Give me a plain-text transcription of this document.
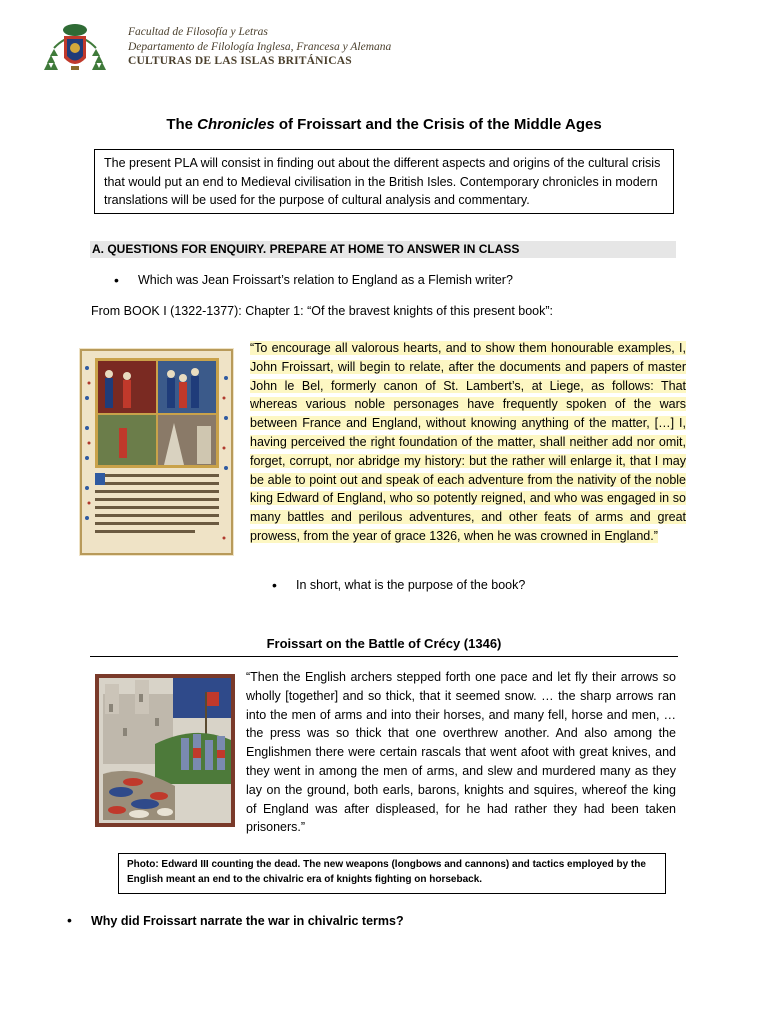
Facultad de Filosofía y Letras
Departamento de Filología Inglesa, Francesa y Alemana
CULTURAS DE LAS ISLAS BRITÁNICAS
The Chronicles of Froissart and the Crisis of the Middle Ages
The present PLA will consist in finding out about the different aspects and origins of the cultural crisis that would put an end to Medieval civilisation in the British Isles. Contemporary chronicles in modern translations will be used for the purpose of cultural analysis and commentary.
A. QUESTIONS FOR ENQUIRY. PREPARE AT HOME TO ANSWER IN CLASS
• Which was Jean Froissart’s relation to England as a Flemish writer?
From BOOK I (1322-1377): Chapter 1: “Of the bravest knights of this present book”:
“To encourage all valorous hearts, and to show them honourable examples, I, John Froissart, will begin to relate, after the documents and papers of master John le Bel, formerly canon of St. Lambert’s, at Liege, as follows: That whereas various noble personages have frequently spoken of the wars between France and England, without knowing anything of the matter, […] I, having perceived the right foundation of the matter, shall neither add nor omit, forget, corrupt, nor abridge my history: but the rather will enlarge it, that I may be able to point out and speak of each adventure from the nativity of the noble king Edward of England, who so potently reigned, and who was engaged in so many battles and perilous adventures, and other feats of arms and great prowess, from the year of grace 1326, when he was crowned in England.”
• In short, what is the purpose of the book?
Froissart on the Battle of Crécy (1346)
“Then the English archers stepped forth one pace and let fly their arrows so wholly [together] and so thick, that it seemed snow. … the sharp arrows ran into the men of arms and into their horses, and many fell, horse and men, … the press was so thick that one overthrew another. And also among the Englishmen there were certain rascals that went afoot with great knives, and they went in among the men of arms, and slew and murdered many as they lay on the ground, both earls, barons, knights and squires, whereof the king of England was after displeased, for he had rather they had been taken prisoners.”
Photo: Edward III counting the dead. The new weapons (longbows and cannons) and tactics employed by the English meant an end to the chivalric era of knights fighting on horseback.
• Why did Froissart narrate the war in chivalric terms?
